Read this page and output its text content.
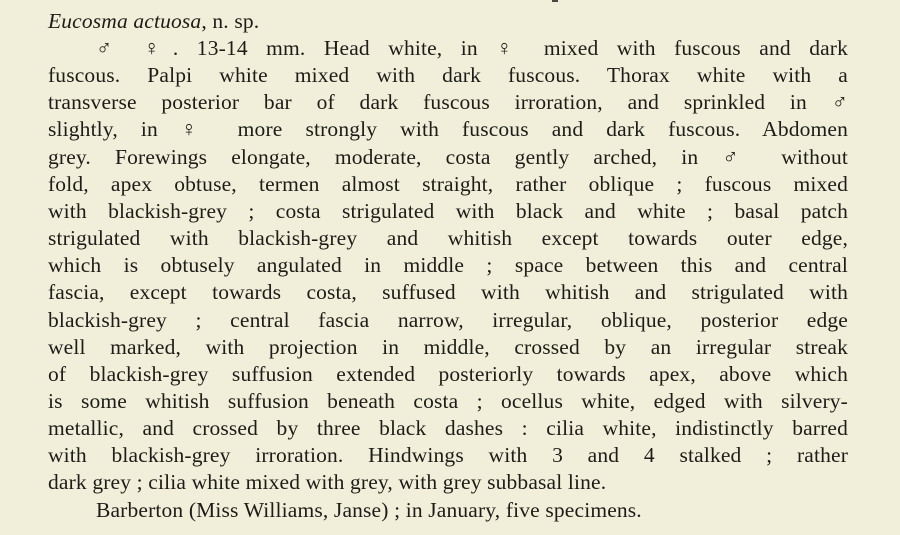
Eucosma actuosa, n. sp.
♂ ♀. 13-14 mm. Head white, in ♀ mixed with fuscous and dark
fuscous. Palpi white mixed with dark fuscous. Thorax white with a
transverse posterior bar of dark fuscous irroration, and sprinkled in ♂
slightly, in ♀ more strongly with fuscous and dark fuscous. Abdomen
grey. Forewings elongate, moderate, costa gently arched, in ♂ without
fold, apex obtuse, termen almost straight, rather oblique ; fuscous mixed
with blackish-grey ; costa strigulated with black and white ; basal patch
strigulated with blackish-grey and whitish except towards outer edge,
which is obtusely angulated in middle ; space between this and central
fascia, except towards costa, suffused with whitish and strigulated with
blackish-grey ; central fascia narrow, irregular, oblique, posterior edge
well marked, with projection in middle, crossed by an irregular streak
of blackish-grey suffusion extended posteriorly towards apex, above which
is some whitish suffusion beneath costa ; ocellus white, edged with silvery-
metallic, and crossed by three black dashes : cilia white, indistinctly barred
with blackish-grey irroration. Hindwings with 3 and 4 stalked ; rather
dark grey ; cilia white mixed with grey, with grey subbasal line.
Barberton (Miss Williams, Janse) ; in January, five specimens.
